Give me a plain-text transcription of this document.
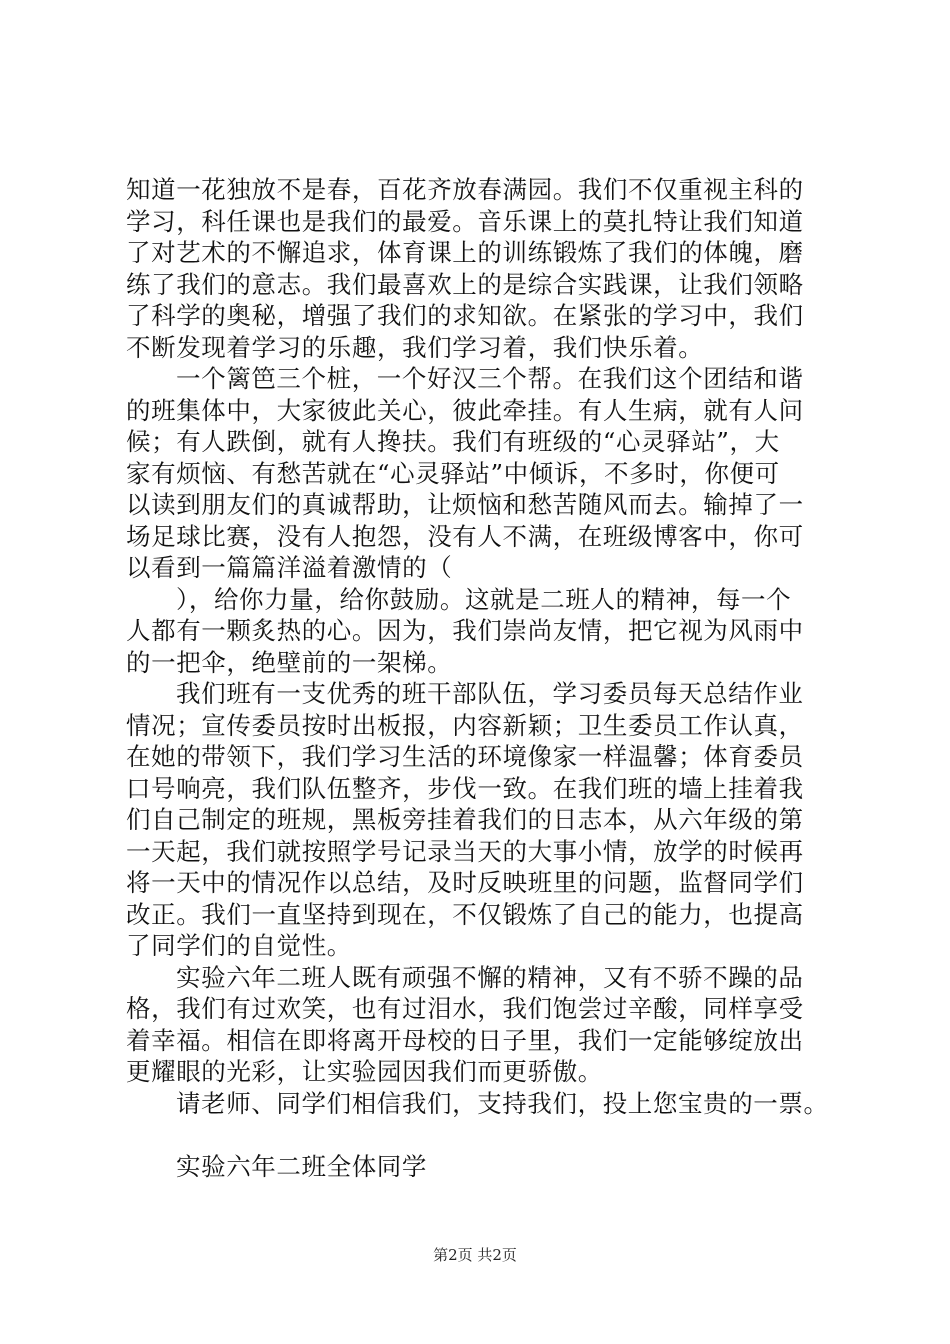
知道一花独放不是春，百花齐放春满园。我们不仅重视主科的
学习，科任课也是我们的最爱。音乐课上的莫扎特让我们知道
了对艺术的不懈追求，体育课上的训练锻炼了我们的体魄，磨
练了我们的意志。我们最喜欢上的是综合实践课，让我们领略
了科学的奥秘，增强了我们的求知欲。在紧张的学习中，我们
不断发现着学习的乐趣，我们学习着，我们快乐着。
一个篱笆三个桩，一个好汉三个帮。在我们这个团结和谐
的班集体中，大家彼此关心，彼此牵挂。有人生病，就有人问
候；有人跌倒，就有人搀扶。我们有班级的“心灵驿站”，大
家有烦恼、有愁苦就在“心灵驿站”中倾诉，不多时，你便可
以读到朋友们的真诚帮助，让烦恼和愁苦随风而去。输掉了一
场足球比赛，没有人抱怨，没有人不满，在班级博客中，你可
以看到一篇篇洋溢着激情的（
），给你力量，给你鼓励。这就是二班人的精神，每一个
人都有一颗炙热的心。因为，我们崇尚友情，把它视为风雨中
的一把伞，绝壁前的一架梯。
我们班有一支优秀的班干部队伍，学习委员每天总结作业
情况；宣传委员按时出板报，内容新颖；卫生委员工作认真，
在她的带领下，我们学习生活的环境像家一样温馨；体育委员
口号响亮，我们队伍整齐，步伐一致。在我们班的墙上挂着我
们自己制定的班规，黑板旁挂着我们的日志本，从六年级的第
一天起，我们就按照学号记录当天的大事小情，放学的时候再
将一天中的情况作以总结，及时反映班里的问题，监督同学们
改正。我们一直坚持到现在，不仅锻炼了自己的能力，也提高
了同学们的自觉性。
实验六年二班人既有顽强不懈的精神，又有不骄不躁的品
格，我们有过欢笑，也有过泪水，我们饱尝过辛酸，同样享受
着幸福。相信在即将离开母校的日子里，我们一定能够绽放出
更耀眼的光彩，让实验园因我们而更骄傲。
请老师、同学们相信我们，支持我们，投上您宝贵的一票。
实验六年二班全体同学
第2页 共2页
